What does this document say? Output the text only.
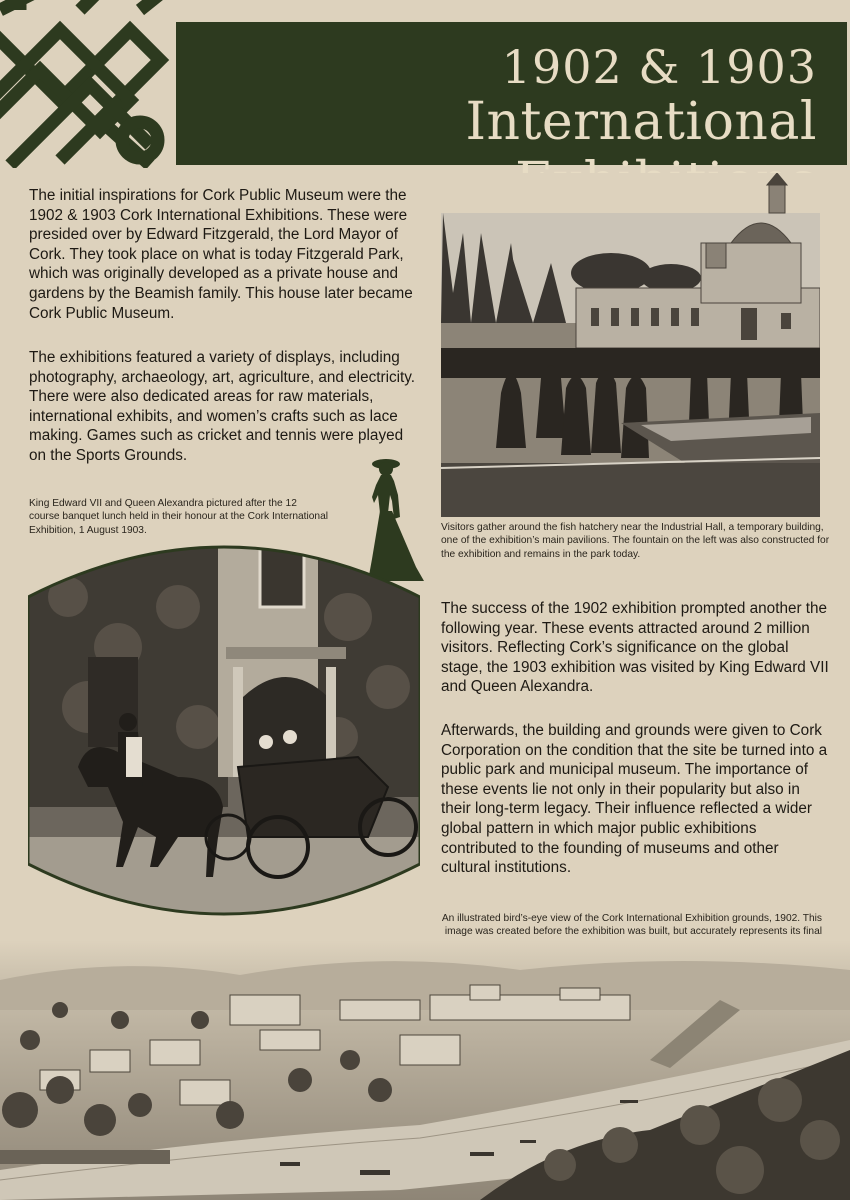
1902 & 1903
International

The initial inspirations for Cork Public Museum were the 1902 & 1903 Cork International Exhibitions. These were presided over by Edward Fitzgerald, the Lord Mayor of Cork. They took place on what is today Fitzgerald Park, which was originally developed as a private house and gardens by the Beamish family. This house later became Cork Public Museum.

The exhibitions featured a variety of displays, including photography, archaeology, art, agriculture, and electricity. There were also dedicated areas for raw materials, international exhibits, and women’s crafts such as lace making. Games such as cricket and tennis were played on the Sports Grounds.

King Edward VII and Queen Alexandra pictured after the 12 course banquet lunch held in their honour at the Cork International Exhibition, 1 August 1903.	Visitors gather around the fish hatchery near the Industrial Hall, a temporary building, one of the exhibition’s main pavilions. The fountain on the left was also constructed for the exhibition and remains in the park today.

The success of the 1902 exhibition prompted another the following year. These events attracted around 2 million visitors. Reflecting Cork’s significance on the global stage, the 1903 exhibition was visited by King Edward VII and Queen Alexandra.

Afterwards, the building and grounds were given to Cork Corporation on the condition that the site be turned into a public park and municipal museum. The importance of these events lie not only in their popularity but also in their long-term legacy. Their influence reflected a wider global pattern in which major public exhibitions contributed to the founding of museums and other cultural institutions.

An illustrated bird’s-eye view of the Cork International Exhibition grounds, 1902. This image was created before the exhibition was built, but accurately represents its final
